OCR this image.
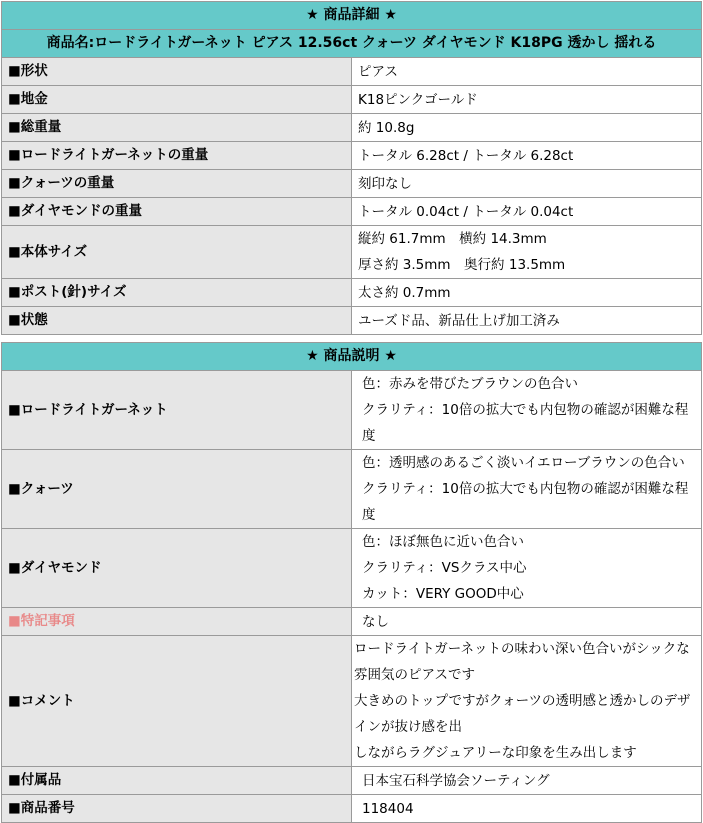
★ 商品詳細 ★	
商品名:ロードライトガーネット ピアス 12.56ct クォーツ ダイヤモンド K18PG 透かし 揺れる	
■形状	ピアス

■地金	K18ピンクゴールド

■総重量	約 10.8g

■ロードライトガーネットの重量	トータル 6.28ct / トータル 6.28ct

■クォーツの重量	刻印なし

■ダイヤモンドの重量	トータル 0.04ct / トータル 0.04ct

■本体サイズ	縦約 61.7mm　横約 14.3mm
厚さ約 3.5mm　奥行約 13.5mm

■ポスト(針)サイズ	太さ約 0.7mm

■状態	ユーズド品、新品仕上げ加工済み
★ 商品説明 ★	
■ロードライトガーネット	色：赤みを帯びたブラウンの色合い
クラリティ：10倍の拡大でも内包物の確認が困難な程度

■クォーツ	色：透明感のあるごく淡いイエローブラウンの色合い
クラリティ：10倍の拡大でも内包物の確認が困難な程度

■ダイヤモンド	色：ほぼ無色に近い色合い
クラリティ：VSクラス中心
カット：VERY GOOD中心

■特記事項	なし

■コメント	ロードライトガーネットの味わい深い色合いがシックな雰囲気のピアスです
大きめのトップですがクォーツの透明感と透かしのデザインが抜け感を出
しながらラグジュアリーな印象を生み出します

■付属品	日本宝石科学協会ソーティング

■商品番号	118404
